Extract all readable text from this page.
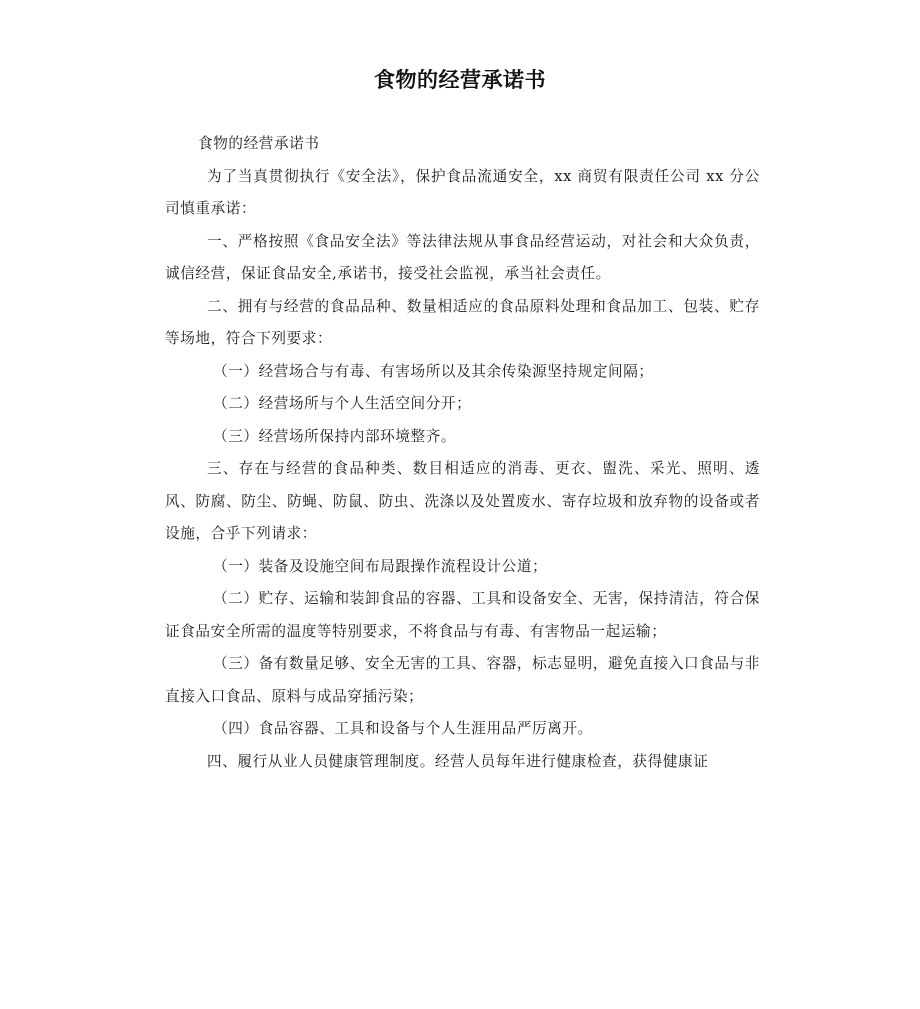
食物的经营承诺书

食物的经营承诺书

为了当真贯彻执行《安全法》，保护食品流通安全，xx 商贸有限责任公司 xx 分公司慎重承诺：

一、严格按照《食品安全法》等法律法规从事食品经营运动，对社会和大众负责，诚信经营，保证食品安全,承诺书，接受社会监视，承当社会责任。

二、拥有与经营的食品品种、数量相适应的食品原料处理和食品加工、包装、贮存等场地，符合下列要求：

（一）经营场合与有毒、有害场所以及其余传染源坚持规定间隔；

（二）经营场所与个人生活空间分开；

（三）经营场所保持内部环境整齐。

三、存在与经营的食品种类、数目相适应的消毒、更衣、盥洗、采光、照明、透风、防腐、防尘、防蝇、防鼠、防虫、洗涤以及处置废水、寄存垃圾和放弃物的设备或者设施，合乎下列请求：

（一）装备及设施空间布局跟操作流程设计公道；

（二）贮存、运输和装卸食品的容器、工具和设备安全、无害，保持清洁，符合保证食品安全所需的温度等特别要求，不将食品与有毒、有害物品一起运输；

（三）备有数量足够、安全无害的工具、容器，标志显明，避免直接入口食品与非直接入口食品、原料与成品穿插污染；

（四）食品容器、工具和设备与个人生涯用品严厉离开。

四、履行从业人员健康管理制度。经营人员每年进行健康检查，获得健康证
